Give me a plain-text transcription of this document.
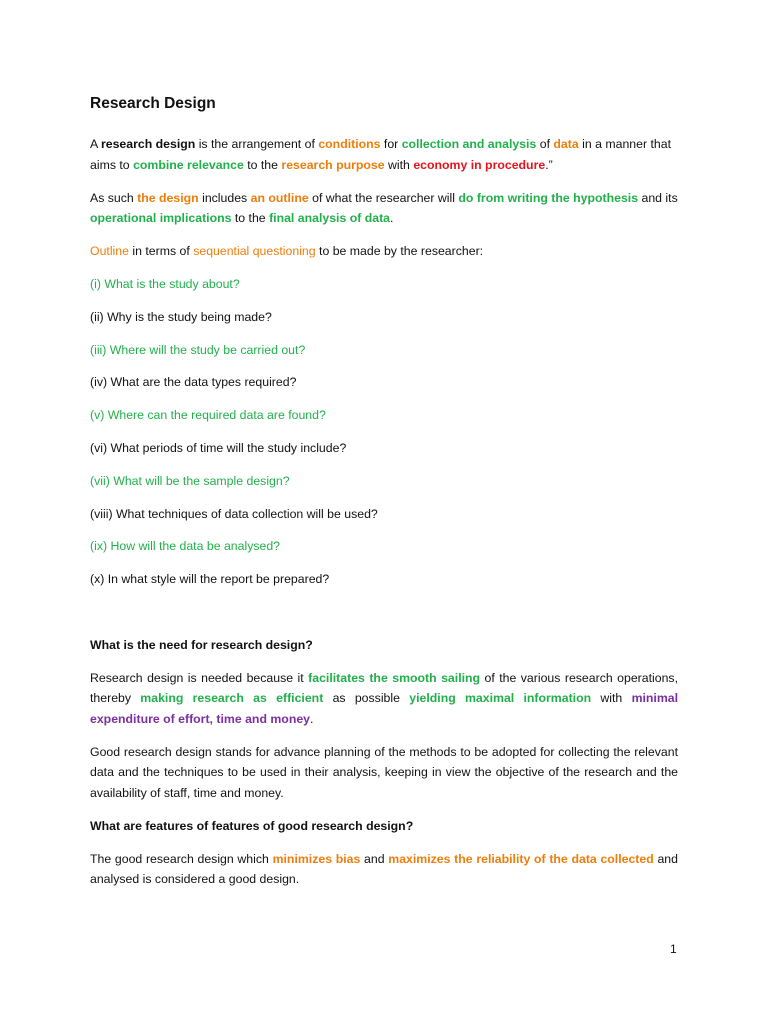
Research Design

A research design is the arrangement of conditions for collection and analysis of data in a manner that aims to combine relevance to the research purpose with economy in procedure.”

As such the design includes an outline of what the researcher will do from writing the hypothesis and its operational implications to the final analysis of data.

Outline in terms of sequential questioning to be made by the researcher:

(i) What is the study about?

(ii) Why is the study being made?

(iii) Where will the study be carried out?

(iv) What are the data types required?

(v) Where can the required data are found?

(vi) What periods of time will the study include?

(vii) What will be the sample design?

(viii) What techniques of data collection will be used?

(ix) How will the data be analysed?

(x) In what style will the report be prepared?

What is the need for research design?

Research design is needed because it facilitates the smooth sailing of the various research operations, thereby making research as efficient as possible yielding maximal information with minimal expenditure of effort, time and money.

Good research design stands for advance planning of the methods to be adopted for collecting the relevant data and the techniques to be used in their analysis, keeping in view the objective of the research and the availability of staff, time and money.

What are features of features of good research design?

The good research design which minimizes bias and maximizes the reliability of the data collected and analysed is considered a good design.

1
